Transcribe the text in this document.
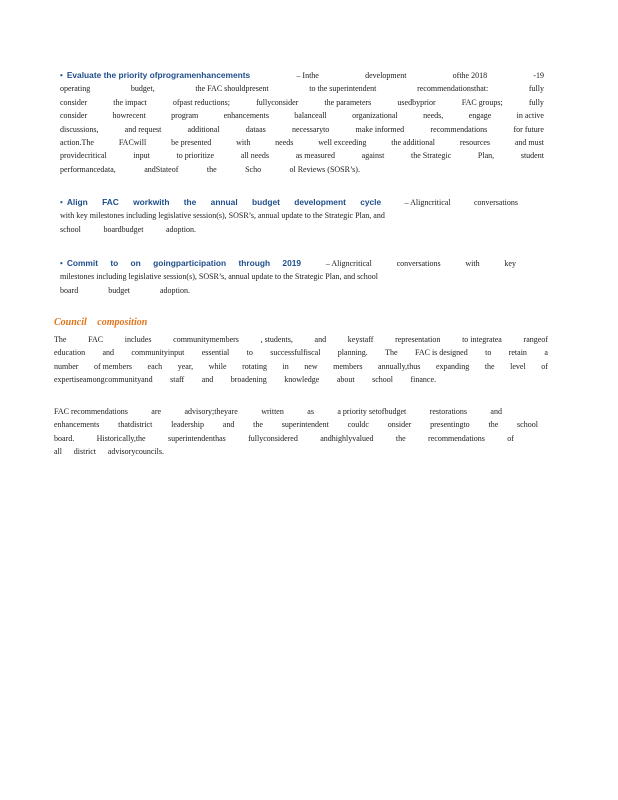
• Evaluate the priority ofprogramenhancements	– Inthe	development	ofthe 2018	-19
operating	budget,	the FAC shouldpresent	to the superintendent	recommendationsthat:	fully
consider	the impact	ofpast reductions;	fullyconsider	the parameters	usedbyprior	FAC groups;	fully
consider	howrecent	program	enhancements	balanceall	organizational	needs,	engage	in active
discussions,	and request	additional	dataas	necessaryto	make informed	recommendations	for future
action.The	FACwill	be presented	with	needs	well exceeding	the additional	resources	and must
providecritical	input	to prioritize	all needs	as measured	against	the Strategic	Plan,	student
performancedata,	andStateof	the	Scho	ol Reviews (SOSR’s).
• Align FAC workwith the annual budget development cycle	– Aligncritical	conversations
with key milestones including legislative session(s), SOSR’s, annual update to the Strategic Plan, and
school	boardbudget	adoption.
• Commit to on goingparticipation through 2019	– Aligncritical	conversations	with	key
milestones including legislative session(s), SOSR’s, annual update to the Strategic Plan, and school
board	budget	adoption.
Council composition
The	FAC	includes	communitymembers	, students,	and	keystaff	representation	to integratea	rangeof
education and communityinput essential to successfulfiscal planning. The FAC is designed to retain a
number of members each year, while rotating in new members annually,thus expanding the level of
expertiseamongcommunityand staff and broadening knowledge about school finance.
FAC recommendations	are	advisory;theyare	written	as	a priority setofbudget	restorations	and
enhancements thatdistrict leadership and the superintendent couldc onsider presentingto the school
board.	Historically,the	superintendenthas	fullyconsidered	andhighlyvalued	the	recommendations	of
all district advisorycouncils.
